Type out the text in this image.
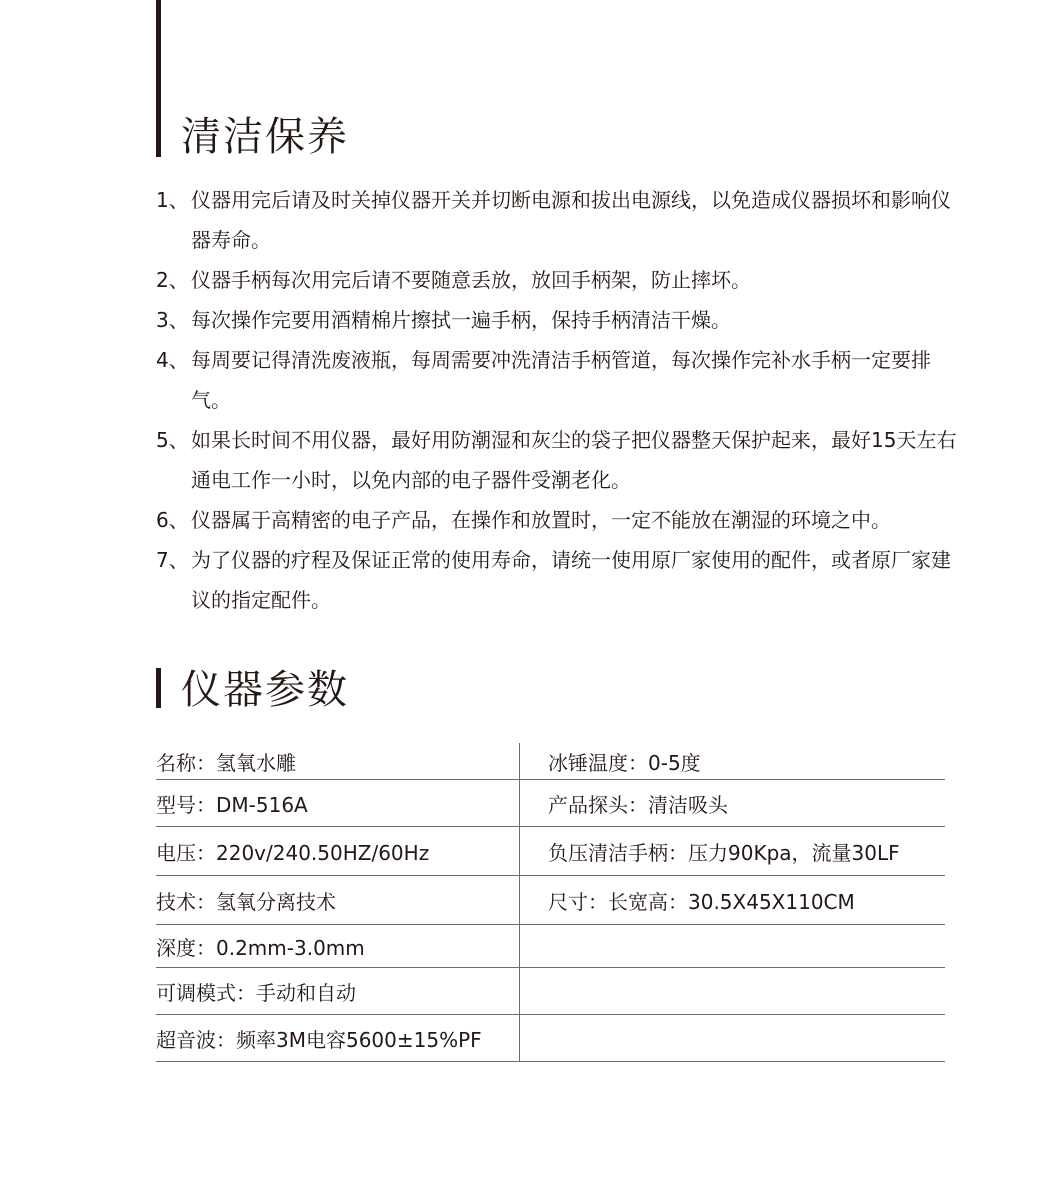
清洁保养
1、 仪器用完后请及时关掉仪器开关并切断电源和拔出电源线，以免造成仪器损坏和影响仪器寿命。
2、 仪器手柄每次用完后请不要随意丢放，放回手柄架，防止摔坏。
3、 每次操作完要用酒精棉片擦拭一遍手柄，保持手柄清洁干燥。
4、 每周要记得清洗废液瓶，每周需要冲洗清洁手柄管道，每次操作完补水手柄一定要排气。
5、 如果长时间不用仪器，最好用防潮湿和灰尘的袋子把仪器整天保护起来，最好15天左右通电工作一小时，以免内部的电子器件受潮老化。
6、 仪器属于高精密的电子产品，在操作和放置时，一定不能放在潮湿的环境之中。
7、 为了仪器的疗程及保证正常的使用寿命，请统一使用原厂家使用的配件，或者原厂家建议的指定配件。
仪器参数
名称：氢氧水雕	冰锤温度：0-5度
型号：DM-516A	产品探头：清洁吸头
电压：220v/240.50HZ/60Hz	负压清洁手柄：压力90Kpa，流量30LF
技术：氢氧分离技术	尺寸：长宽高：30.5X45X110CM
深度：0.2mm-3.0mm	
可调模式：手动和自动	
超音波：频率3M电容5600±15%PF	
